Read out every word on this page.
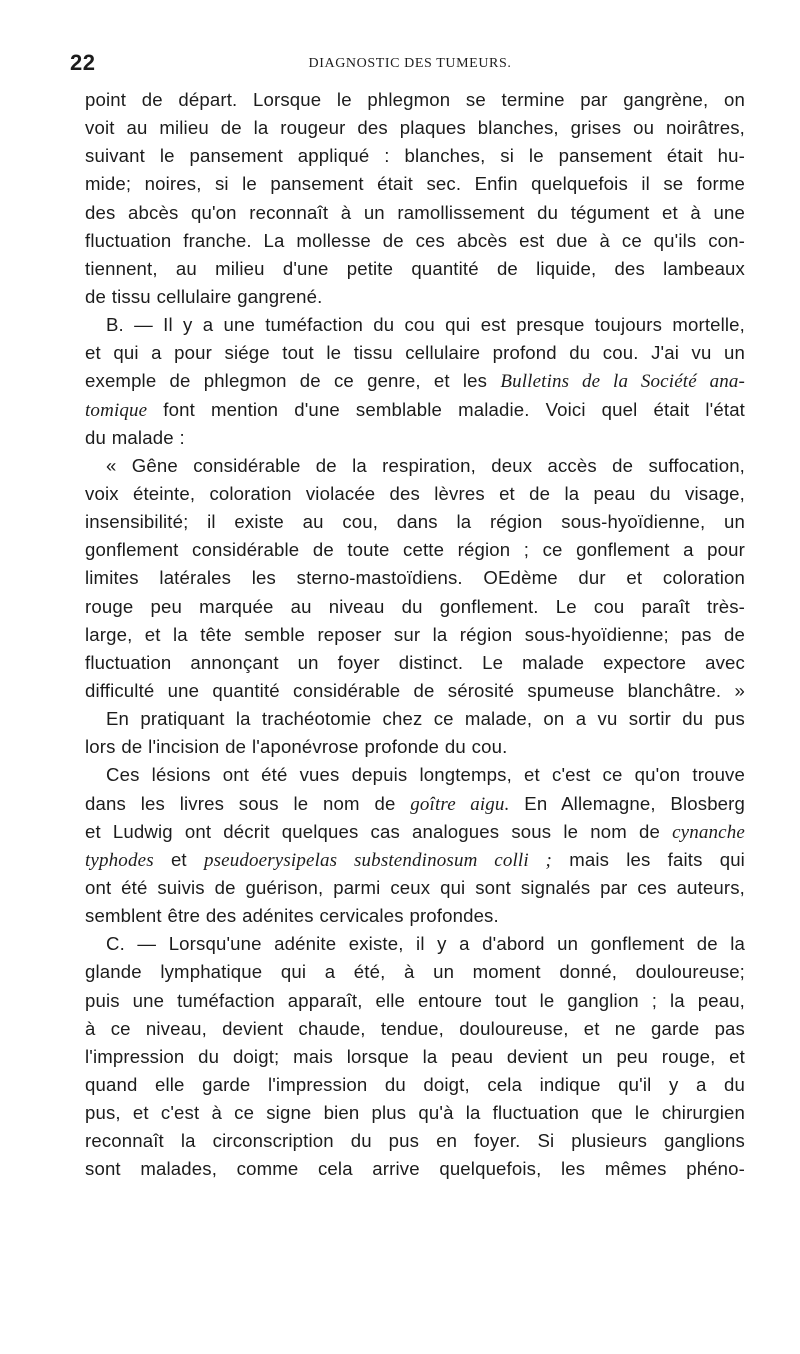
22	DIAGNOSTIC DES TUMEURS.
point de départ. Lorsque le phlegmon se termine par gangrène, on
voit au milieu de la rougeur des plaques blanches, grises ou noirâtres,
suivant le pansement appliqué : blanches, si le pansement était hu-
mide; noires, si le pansement était sec. Enfin quelquefois il se forme
des abcès qu'on reconnaît à un ramollissement du tégument et à une
fluctuation franche. La mollesse de ces abcès est due à ce qu'ils con-
tiennent, au milieu d'une petite quantité de liquide, des lambeaux
de tissu cellulaire gangrené.
B. — Il y a une tuméfaction du cou qui est presque toujours mortelle,
et qui a pour siége tout le tissu cellulaire profond du cou. J'ai vu un
exemple de phlegmon de ce genre, et les Bulletins de la Société ana-
tomique font mention d'une semblable maladie. Voici quel était l'état
du malade :
« Gêne considérable de la respiration, deux accès de suffocation,
voix éteinte, coloration violacée des lèvres et de la peau du visage,
insensibilité; il existe au cou, dans la région sous-hyoïdienne, un
gonflement considérable de toute cette région ; ce gonflement a pour
limites latérales les sterno-mastoïdiens. OEdème dur et coloration
rouge peu marquée au niveau du gonflement. Le cou paraît très-
large, et la tête semble reposer sur la région sous-hyoïdienne; pas de
fluctuation annonçant un foyer distinct. Le malade expectore avec
difficulté une quantité considérable de sérosité spumeuse blanchâtre. »
En pratiquant la trachéotomie chez ce malade, on a vu sortir du pus
lors de l'incision de l'aponévrose profonde du cou.
Ces lésions ont été vues depuis longtemps, et c'est ce qu'on trouve
dans les livres sous le nom de goître aigu. En Allemagne, Blosberg
et Ludwig ont décrit quelques cas analogues sous le nom de cynanche
typhodes et pseudoerysipelas substendinosum colli ; mais les faits qui
ont été suivis de guérison, parmi ceux qui sont signalés par ces auteurs,
semblent être des adénites cervicales profondes.
C. — Lorsqu'une adénite existe, il y a d'abord un gonflement de la
glande lymphatique qui a été, à un moment donné, douloureuse;
puis une tuméfaction apparaît, elle entoure tout le ganglion ; la peau,
à ce niveau, devient chaude, tendue, douloureuse, et ne garde pas
l'impression du doigt; mais lorsque la peau devient un peu rouge, et
quand elle garde l'impression du doigt, cela indique qu'il y a du
pus, et c'est à ce signe bien plus qu'à la fluctuation que le chirurgien
reconnaît la circonscription du pus en foyer. Si plusieurs ganglions
sont malades, comme cela arrive quelquefois, les mêmes phéno-
